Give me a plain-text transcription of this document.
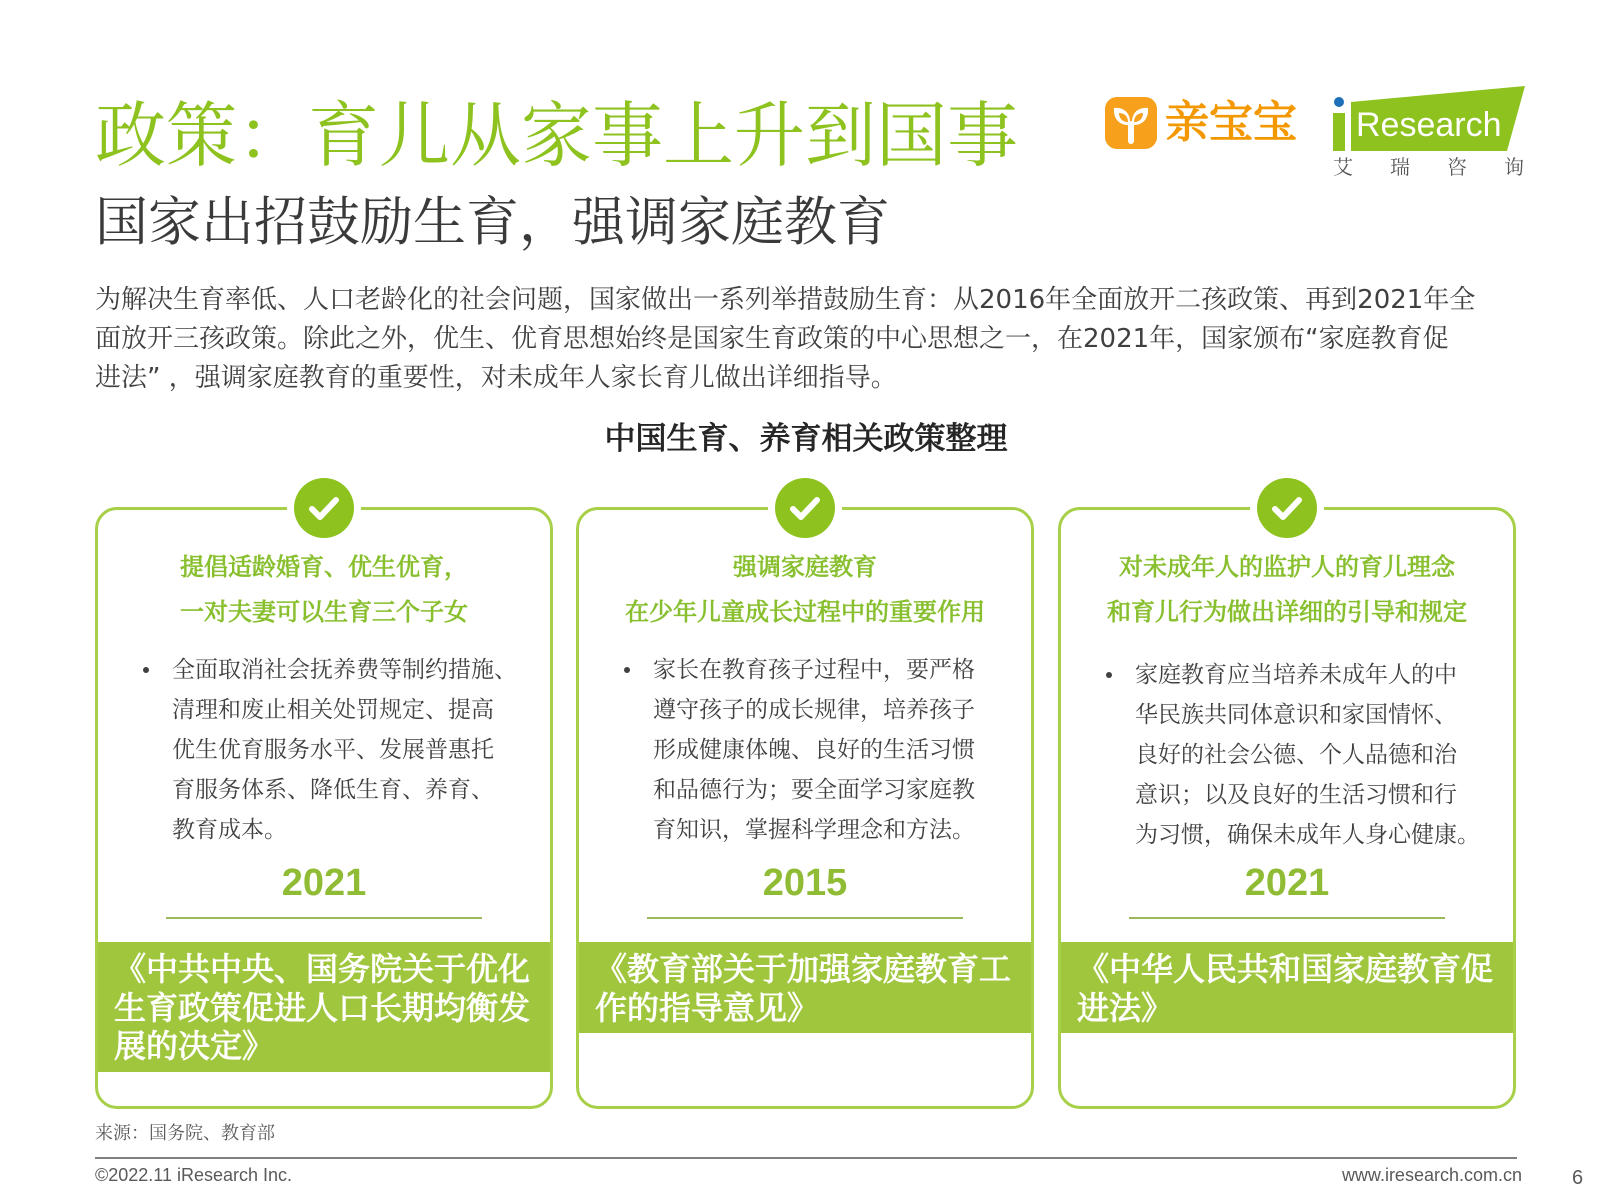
政策：育儿从家事上升到国事
国家出招鼓励生育，强调家庭教育
亲宝宝 Research
艾瑞咨询
为解决生育率低、人口老龄化的社会问题，国家做出一系列举措鼓励生育：从2016年全面放开二孩政策、再到2021年全
面放开三孩政策。除此之外，优生、优育思想始终是国家生育政策的中心思想之一，在2021年，国家颁布“家庭教育促
进法” ，强调家庭教育的重要性，对未成年人家长育儿做出详细指导。
中国生育、养育相关政策整理
提倡适龄婚育、优生优育，
一对夫妻可以生育三个子女
全面取消社会抚养费等制约措施、
清理和废止相关处罚规定、提高
优生优育服务水平、发展普惠托
育服务体系、降低生育、养育、
教育成本。
2021
《中共中央、国务院关于优化
生育政策促进人口长期均衡发
展的决定》
强调家庭教育
在少年儿童成长过程中的重要作用
家长在教育孩子过程中，要严格
遵守孩子的成长规律，培养孩子
形成健康体魄、良好的生活习惯
和品德行为；要全面学习家庭教
育知识，掌握科学理念和方法。
2015
《教育部关于加强家庭教育工
作的指导意见》
对未成年人的监护人的育儿理念
和育儿行为做出详细的引导和规定
家庭教育应当培养未成年人的中
华民族共同体意识和家国情怀、
良好的社会公德、个人品德和治
意识；以及良好的生活习惯和行
为习惯，确保未成年人身心健康。
2021
《中华人民共和国家庭教育促
进法》
来源：国务院、教育部
©2022.11 iResearch Inc.	www.iresearch.com.cn	6
